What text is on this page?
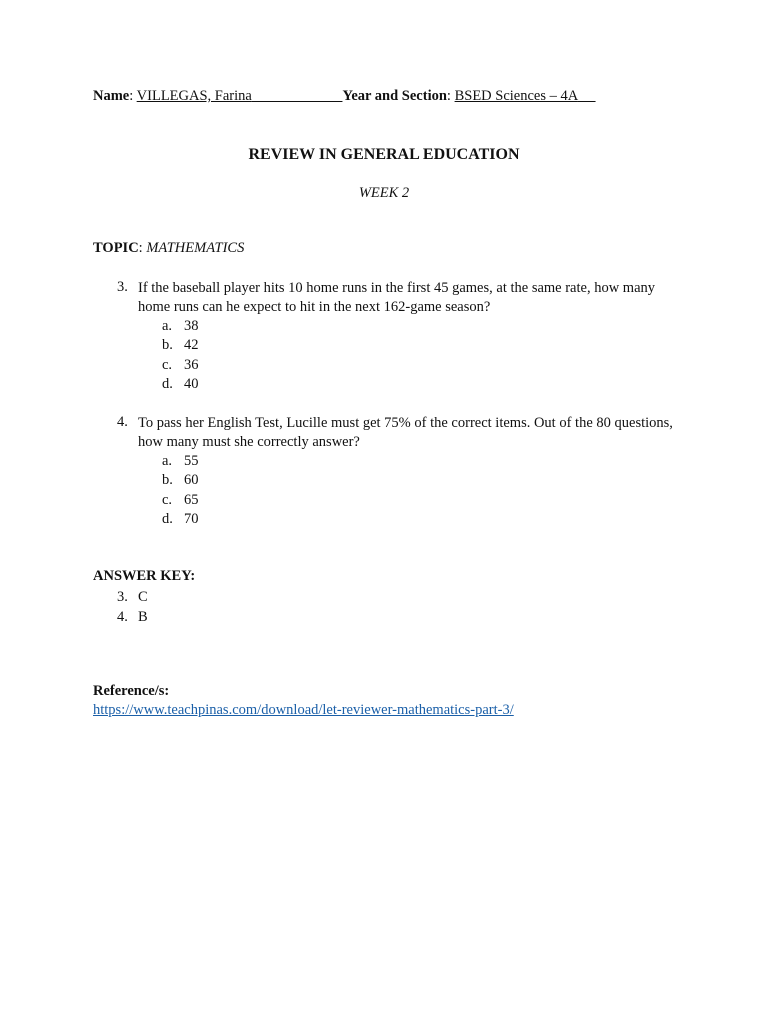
Name: VILLEGAS, Farina	Year and Section: BSED Sciences – 4A
REVIEW IN GENERAL EDUCATION
WEEK 2
TOPIC: MATHEMATICS
3. If the baseball player hits 10 home runs in the first 45 games, at the same rate, how many home runs can he expect to hit in the next 162-game season?
a. 38
b. 42
c. 36
d. 40
4. To pass her English Test, Lucille must get 75% of the correct items. Out of the 80 questions, how many must she correctly answer?
a. 55
b. 60
c. 65
d. 70
ANSWER KEY:
3. C
4. B
Reference/s:
https://www.teachpinas.com/download/let-reviewer-mathematics-part-3/
